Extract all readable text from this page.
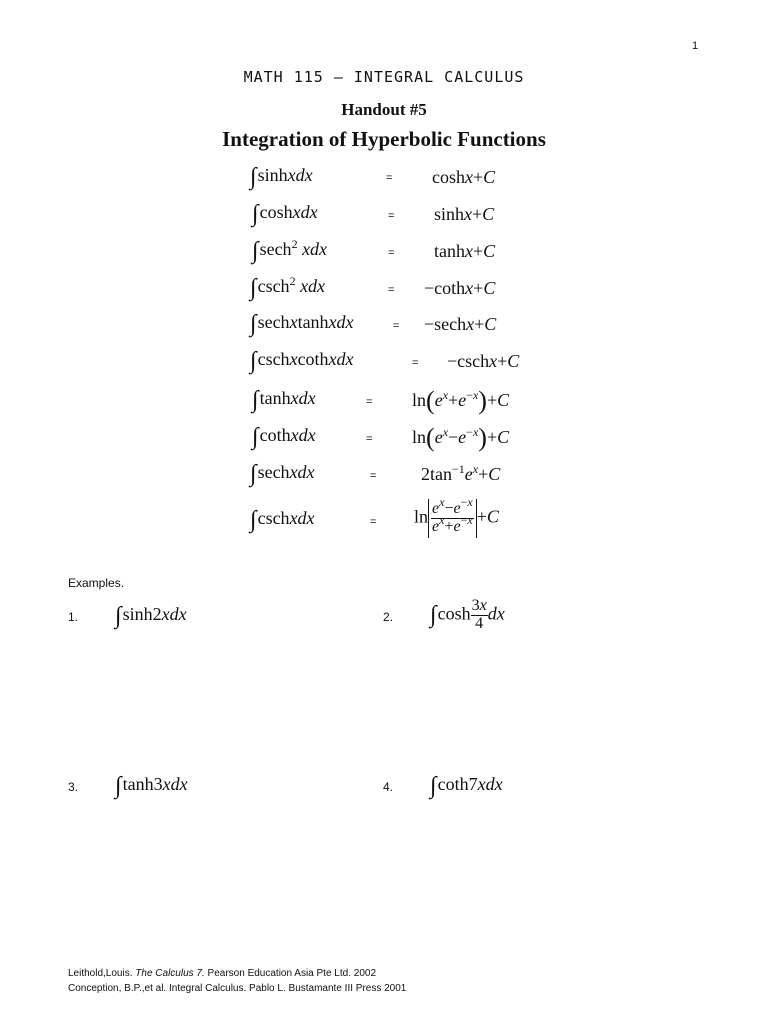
1
MATH 115 – INTEGRAL CALCULUS
Handout #5
Integration of Hyperbolic Functions
∫sinhxdx	= coshx+C
∫coshxdx	= sinhx+C
∫sech$^2$ xdx	= tanhx+C
∫csch$^2$ xdx	= −cothx+C
∫sechxtanhxdx	= −sechx+C
∫cschxcothxdx	= −cschx+C
∫tanhxdx	= $\ln(e^x+e^{-x})+C$
∫cothxdx	= $\ln(e^x-e^{-x})+C$
∫sechxdx	= $2\tan^{-1}e^x+C$
∫cschxdx	= $\ln \frac{e^x-e^{-x}}{e^x+e^{-x}} +C$
Examples.
1. ∫sinh2xdx	2. $\int\cosh \frac{3x}{4}$ dx
3. ∫tanh3xdx	4. ∫coth7xdx
Leithold,Louis. The Calculus 7. Pearson Education Asia Pte Ltd. 2002
Conception, B.P.,et al. Integral Calculus. Pablo L. Bustamante III Press 2001
